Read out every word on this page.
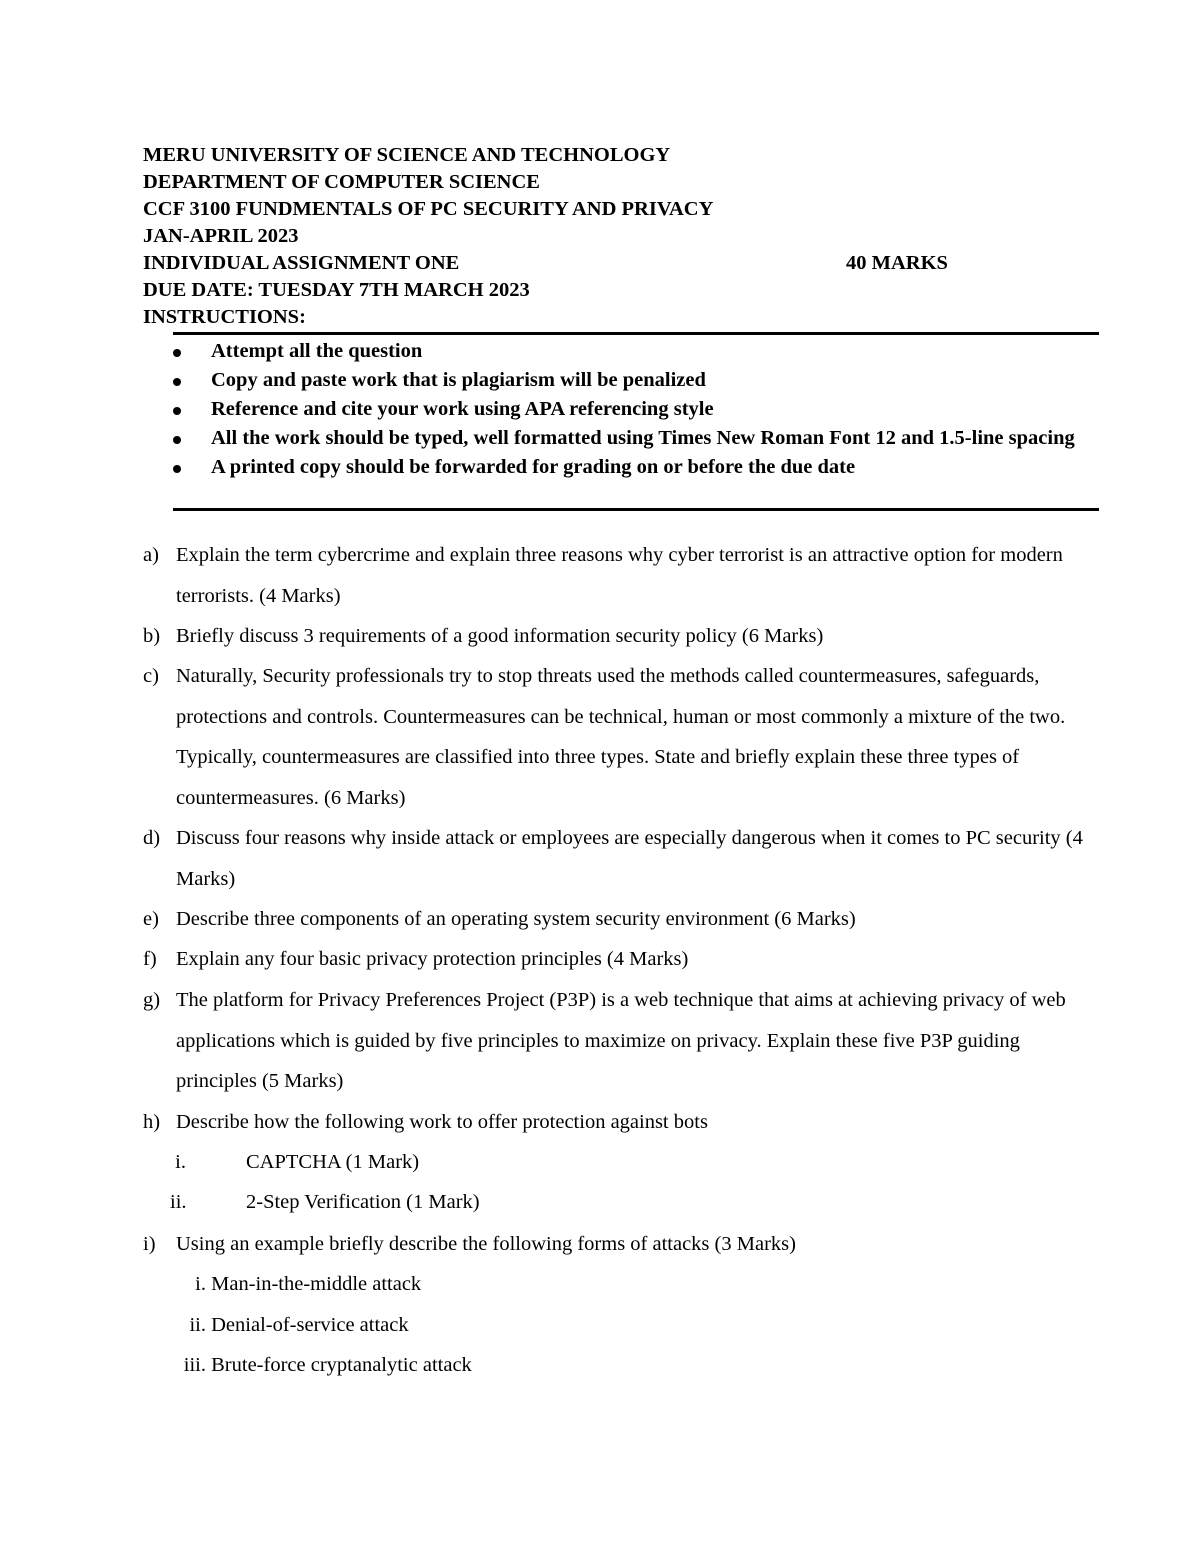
MERU UNIVERSITY OF SCIENCE AND TECHNOLOGY
DEPARTMENT OF COMPUTER SCIENCE
CCF 3100 FUNDMENTALS OF PC SECURITY AND PRIVACY
JAN-APRIL 2023
INDIVIDUAL ASSIGNMENT ONE	40 MARKS
DUE DATE: TUESDAY 7TH MARCH 2023
INSTRUCTIONS:
Attempt all the question
Copy and paste work that is plagiarism will be penalized
Reference and cite your work using APA referencing style
All the work should be typed, well formatted using Times New Roman Font 12 and 1.5-line spacing
A printed copy should be forwarded for grading on or before the due date
a) Explain the term cybercrime and explain three reasons why cyber terrorist is an attractive option for modern terrorists. (4 Marks)
b) Briefly discuss 3 requirements of a good information security policy (6 Marks)
c) Naturally, Security professionals try to stop threats used the methods called countermeasures, safeguards, protections and controls. Countermeasures can be technical, human or most commonly a mixture of the two. Typically, countermeasures are classified into three types. State and briefly explain these three types of countermeasures. (6 Marks)
d) Discuss four reasons why inside attack or employees are especially dangerous when it comes to PC security (4 Marks)
e) Describe three components of an operating system security environment (6 Marks)
f) Explain any four basic privacy protection principles (4 Marks)
g) The platform for Privacy Preferences Project (P3P) is a web technique that aims at achieving privacy of web applications which is guided by five principles to maximize on privacy. Explain these five P3P guiding principles (5 Marks)
h) Describe how the following work to offer protection against bots
i.	CAPTCHA (1 Mark)
ii.	2-Step Verification (1 Mark)
i) Using an example briefly describe the following forms of attacks (3 Marks)
i. Man-in-the-middle attack
ii. Denial-of-service attack
iii. Brute-force cryptanalytic attack
